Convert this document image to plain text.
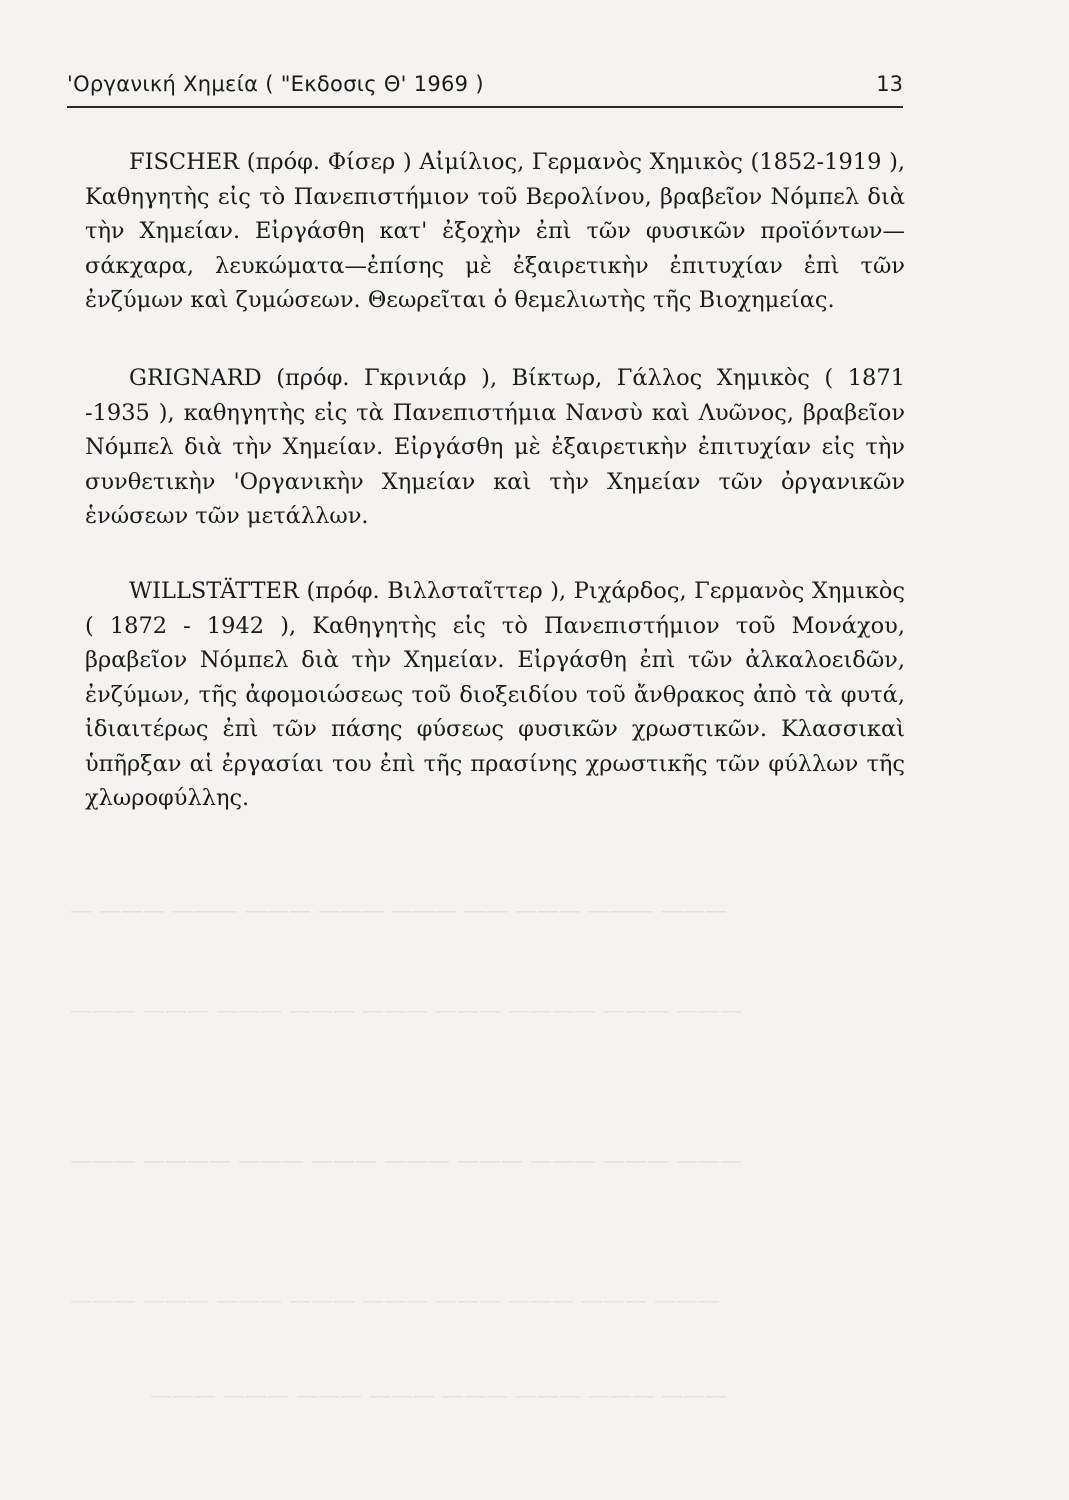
— ——— ——— ——— ——— ——— —— ——— ——— ———
——— ——— ——— ——— ——— ——— ———— ——— ———
——— ———— ——— ——— ——— ——— ——— ——— ———
——— ——— ——— ——— ——— ——— ——— ——— ———
——— ——— ——— ——— ——— ——— ——— ———
'Οργανική Χημεία ( "Εκδοσις Θ' 1969 )	13

FISCHER (πρόφ. Φίσερ ) Αἰμίλιος, Γερμανὸς Χημικὸς (1852-1919 ), Καθηγητὴς εἰς τὸ Πανεπιστήμιον τοῦ Βερολίνου, βραβεῖον Νόμπελ διὰ τὴν Χημείαν. Εἰργάσθη κατ' ἐξοχὴν ἐπὶ τῶν φυσικῶν προϊόντων—σάκχαρα, λευκώματα—ἐπίσης μὲ ἐξαιρετικὴν ἐπιτυχίαν ἐπὶ τῶν ἐνζύμων καὶ ζυμώσεων. Θεωρεῖται ὁ θεμελιωτὴς τῆς Βιοχημείας.

GRIGNARD (πρόφ. Γκρινιάρ ), Βίκτωρ, Γάλλος Χημικὸς ( 1871 -1935 ), καθηγητὴς εἰς τὰ Πανεπιστήμια Νανσὺ καὶ Λυῶνος, βραβεῖον Νόμπελ διὰ τὴν Χημείαν. Εἰργάσθη μὲ ἐξαιρετικὴν ἐπιτυχίαν εἰς τὴν συνθετικὴν 'Οργανικὴν Χημείαν καὶ τὴν Χημείαν τῶν ὀργανικῶν ἑνώσεων τῶν μετάλλων.

WILLSTÄTTER (πρόφ. Βιλλσταῖττερ ), Ριχάρδος, Γερμανὸς Χημικὸς ( 1872 - 1942 ), Καθηγητὴς εἰς τὸ Πανεπιστήμιον τοῦ Μονάχου, βραβεῖον Νόμπελ διὰ τὴν Χημείαν. Εἰργάσθη ἐπὶ τῶν ἀλκαλοειδῶν, ἐνζύμων, τῆς ἀφομοιώσεως τοῦ διοξειδίου τοῦ ἄνθρακος ἀπὸ τὰ φυτά, ἰδιαιτέρως ἐπὶ τῶν πάσης φύσεως φυσικῶν χρωστικῶν. Κλασσικαὶ ὑπῆρξαν αἱ ἐργασίαι του ἐπὶ τῆς πρασίνης χρωστικῆς τῶν φύλλων τῆς χλωροφύλλης.
